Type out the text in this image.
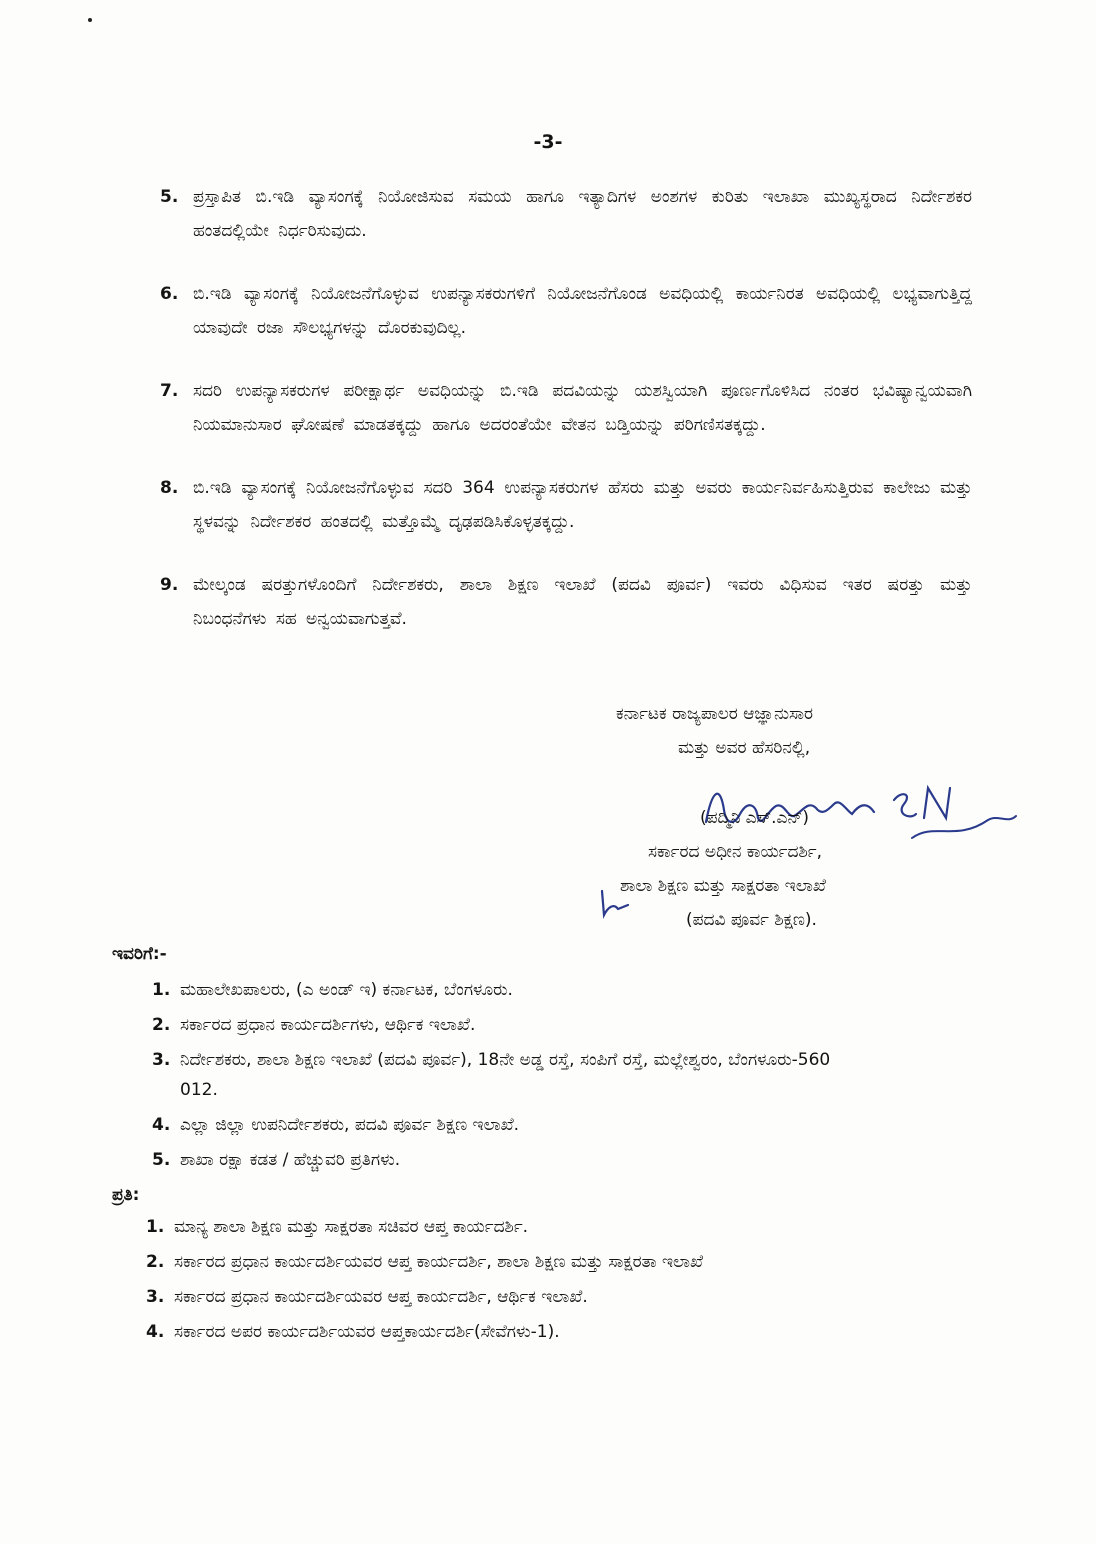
-3-
5. ಪ್ರಸ್ತಾಪಿತ ಬಿ.ಇಡಿ ವ್ಯಾಸಂಗಕ್ಕೆ ನಿಯೋಜಿಸುವ ಸಮಯ ಹಾಗೂ ಇತ್ಯಾದಿಗಳ ಅಂಶಗಳ ಕುರಿತು ಇಲಾಖಾ ಮುಖ್ಯಸ್ಥರಾದ ನಿರ್ದೇಶಕರ ಹಂತದಲ್ಲಿಯೇ ನಿರ್ಧರಿಸುವುದು.
6. ಬಿ.ಇಡಿ ವ್ಯಾಸಂಗಕ್ಕೆ ನಿಯೋಜನೆಗೊಳ್ಳುವ ಉಪನ್ಯಾಸಕರುಗಳಿಗೆ ನಿಯೋಜನೆಗೊಂಡ ಅವಧಿಯಲ್ಲಿ ಕಾರ್ಯನಿರತ ಅವಧಿಯಲ್ಲಿ ಲಭ್ಯವಾಗುತ್ತಿದ್ದ ಯಾವುದೇ ರಜಾ ಸೌಲಭ್ಯಗಳನ್ನು ದೊರಕುವುದಿಲ್ಲ.
7. ಸದರಿ ಉಪನ್ಯಾಸಕರುಗಳ ಪರೀಕ್ಷಾರ್ಥ ಅವಧಿಯನ್ನು ಬಿ.ಇಡಿ ಪದವಿಯನ್ನು ಯಶಸ್ವಿಯಾಗಿ ಪೂರ್ಣಗೊಳಿಸಿದ ನಂತರ ಭವಿಷ್ಯಾನ್ವಯವಾಗಿ ನಿಯಮಾನುಸಾರ ಘೋಷಣೆ ಮಾಡತಕ್ಕದ್ದು ಹಾಗೂ ಅದರಂತೆಯೇ ವೇತನ ಬಡ್ತಿಯನ್ನು ಪರಿಗಣಿಸತಕ್ಕದ್ದು.
8. ಬಿ.ಇಡಿ ವ್ಯಾಸಂಗಕ್ಕೆ ನಿಯೋಜನೆಗೊಳ್ಳುವ ಸದರಿ 364 ಉಪನ್ಯಾಸಕರುಗಳ ಹೆಸರು ಮತ್ತು ಅವರು ಕಾರ್ಯನಿರ್ವಹಿಸುತ್ತಿರುವ ಕಾಲೇಜು ಮತ್ತು ಸ್ಥಳವನ್ನು ನಿರ್ದೇಶಕರ ಹಂತದಲ್ಲಿ ಮತ್ತೊಮ್ಮೆ ದೃಢಪಡಿಸಿಕೊಳ್ಳತಕ್ಕದ್ದು.
9. ಮೇಲ್ಕಂಡ ಷರತ್ತುಗಳೊಂದಿಗೆ ನಿರ್ದೇಶಕರು, ಶಾಲಾ ಶಿಕ್ಷಣ ಇಲಾಖೆ (ಪದವಿ ಪೂರ್ವ) ಇವರು ವಿಧಿಸುವ ಇತರ ಷರತ್ತು ಮತ್ತು ನಿಬಂಧನೆಗಳು ಸಹ ಅನ್ವಯವಾಗುತ್ತವೆ.
ಕರ್ನಾಟಕ ರಾಜ್ಯಪಾಲರ ಆಜ್ಞಾನುಸಾರ
ಮತ್ತು ಅವರ ಹೆಸರಿನಲ್ಲಿ,
(ಪದ್ಮಿನಿ ಎಸ್.ಎನ್)
ಸರ್ಕಾರದ ಅಧೀನ ಕಾರ್ಯದರ್ಶಿ,
ಶಾಲಾ ಶಿಕ್ಷಣ ಮತ್ತು ಸಾಕ್ಷರತಾ ಇಲಾಖೆ
(ಪದವಿ ಪೂರ್ವ ಶಿಕ್ಷಣ).
ಇವರಿಗೆ:-
1. ಮಹಾಲೇಖಪಾಲರು, (ಎ ಅಂಡ್ ಇ) ಕರ್ನಾಟಕ, ಬೆಂಗಳೂರು.
2. ಸರ್ಕಾರದ ಪ್ರಧಾನ ಕಾರ್ಯದರ್ಶಿಗಳು, ಆರ್ಥಿಕ ಇಲಾಖೆ.
3. ನಿರ್ದೇಶಕರು, ಶಾಲಾ ಶಿಕ್ಷಣ ಇಲಾಖೆ (ಪದವಿ ಪೂರ್ವ), 18ನೇ ಅಡ್ಡ ರಸ್ತೆ, ಸಂಪಿಗೆ ರಸ್ತೆ, ಮಲ್ಲೇಶ್ವರಂ, ಬೆಂಗಳೂರು-560 012.
4. ಎಲ್ಲಾ ಜಿಲ್ಲಾ ಉಪನಿರ್ದೇಶಕರು, ಪದವಿ ಪೂರ್ವ ಶಿಕ್ಷಣ ಇಲಾಖೆ.
5. ಶಾಖಾ ರಕ್ಷಾ ಕಡತ / ಹೆಚ್ಚುವರಿ ಪ್ರತಿಗಳು.
ಪ್ರತಿ:
1. ಮಾನ್ಯ ಶಾಲಾ ಶಿಕ್ಷಣ ಮತ್ತು ಸಾಕ್ಷರತಾ ಸಚಿವರ ಆಪ್ತ ಕಾರ್ಯದರ್ಶಿ.
2. ಸರ್ಕಾರದ ಪ್ರಧಾನ ಕಾರ್ಯದರ್ಶಿಯವರ ಆಪ್ತ ಕಾರ್ಯದರ್ಶಿ, ಶಾಲಾ ಶಿಕ್ಷಣ ಮತ್ತು ಸಾಕ್ಷರತಾ ಇಲಾಖೆ
3. ಸರ್ಕಾರದ ಪ್ರಧಾನ ಕಾರ್ಯದರ್ಶಿಯವರ ಆಪ್ತ ಕಾರ್ಯದರ್ಶಿ, ಆರ್ಥಿಕ ಇಲಾಖೆ.
4. ಸರ್ಕಾರದ ಅಪರ ಕಾರ್ಯದರ್ಶಿಯವರ ಆಪ್ತಕಾರ್ಯದರ್ಶಿ(ಸೇವೆಗಳು-1).
